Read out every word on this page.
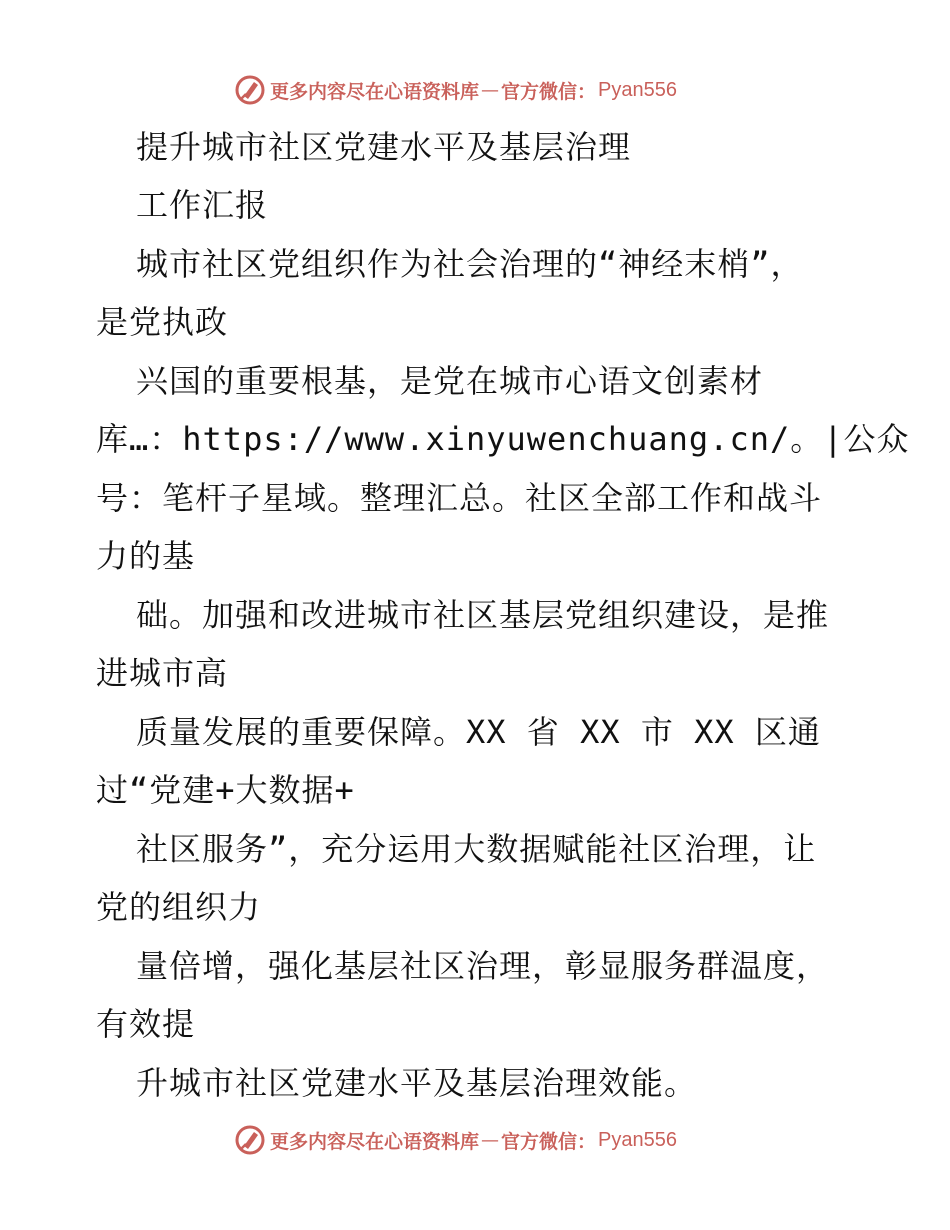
更多内容尽在心语资料库 — 官方微信： Pyan556
提升城市社区党建水平及基层治理
工作汇报
城市社区党组织作为社会治理的“神经末梢”，
是党执政
兴国的重要根基，是党在城市心语文创素材
库…：https://www.xinyuwenchuang.cn/。|公众
号：笔杆子星域。整理汇总。社区全部工作和战斗
力的基
础。加强和改进城市社区基层党组织建设，是推
进城市高
质量发展的重要保障。XX 省 XX 市 XX 区通
过“党建+大数据+
社区服务”，充分运用大数据赋能社区治理，让
党的组织力
量倍增，强化基层社区治理，彰显服务群温度，
有效提
升城市社区党建水平及基层治理效能。
更多内容尽在心语资料库 — 官方微信： Pyan556
